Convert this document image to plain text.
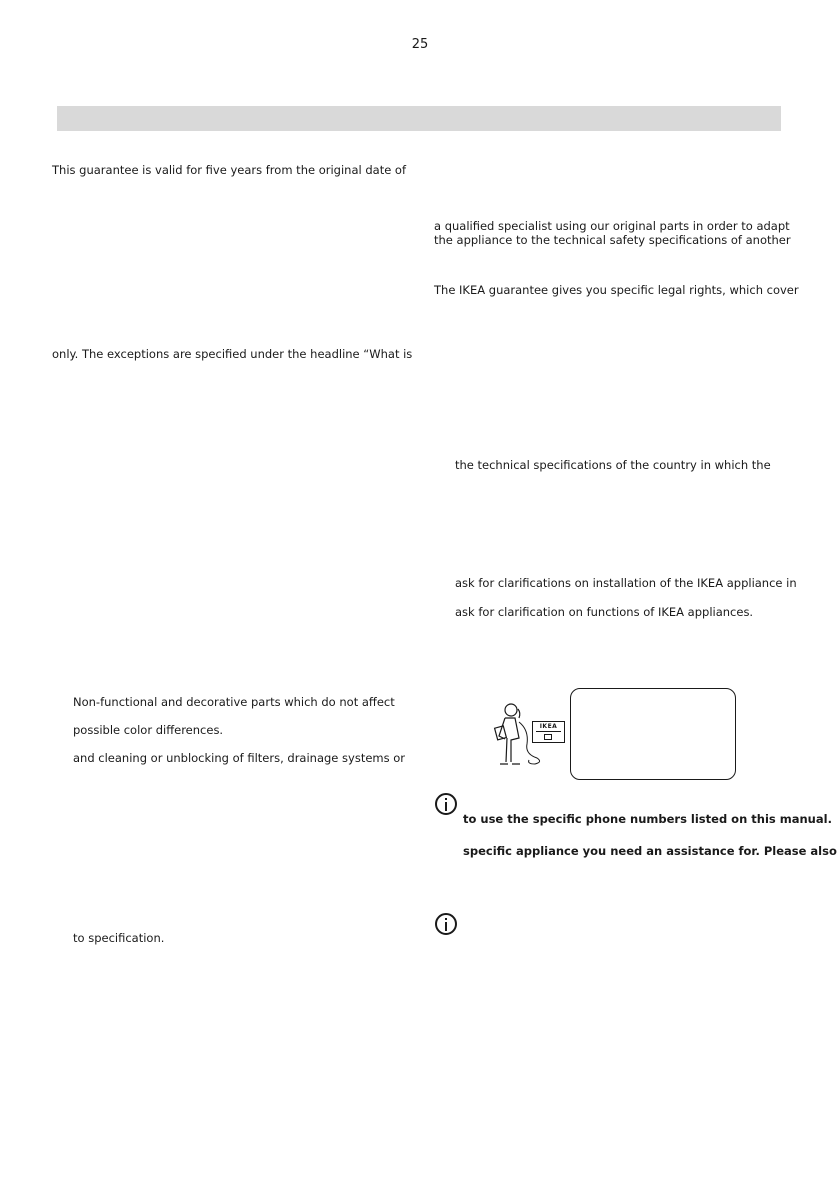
25
This guarantee is valid for five years from the original date of
only. The exceptions are specified under the headline “What is
Non-functional and decorative parts which do not affect
possible color differences.
and cleaning or unblocking of filters, drainage systems or
to specification.
a qualified specialist using our original parts in order to adapt
the appliance to the technical safety specifications of another
The IKEA guarantee gives you specific legal rights, which cover
the technical specifications of the country in which the
ask for clarifications on installation of the IKEA appliance in
ask for clarification on functions of IKEA appliances.
IKEA
to use the specific phone numbers listed on this manual.
specific appliance you need an assistance for. Please also
